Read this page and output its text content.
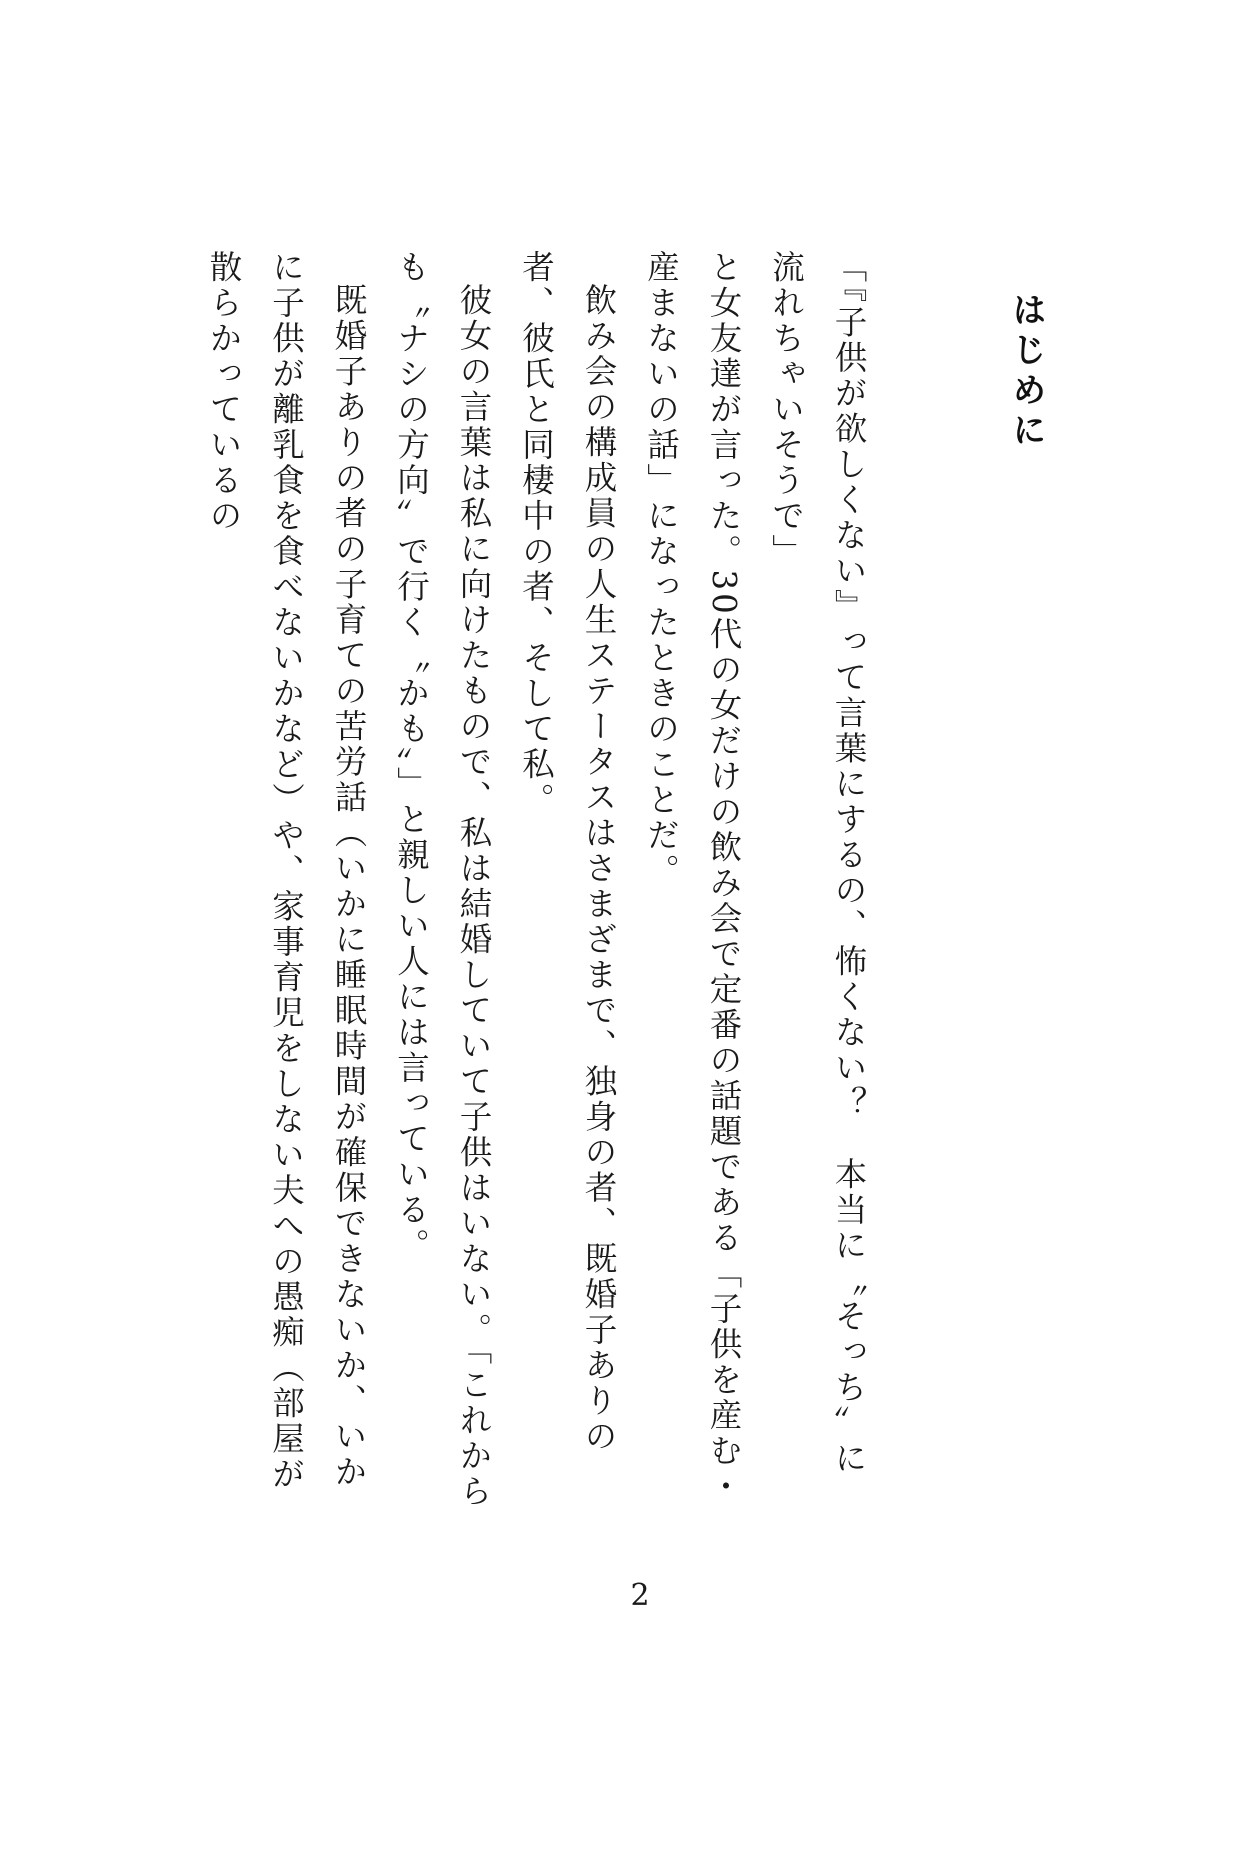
はじめに

「『子供が欲しくない』って言葉にするの、怖くない？　本当に〝そっち〟に流れちゃいそうで」

と女友達が言った。30代の女だけの飲み会で定番の話題である「子供を産む・産まないの話」になったときのことだ。

飲み会の構成員の人生ステータスはさまざまで、独身の者、既婚子ありの者、彼氏と同棲中の者、そして私。

彼女の言葉は私に向けたもので、私は結婚していて子供はいない。「これからも〝ナシの方向〟で行く〝かも〟」と親しい人には言っている。

既婚子ありの者の子育ての苦労話（いかに睡眠時間が確保できないか、いかに子供が離乳食を食べないかなど）や、家事育児をしない夫への愚痴（部屋が散らかっているの

2
